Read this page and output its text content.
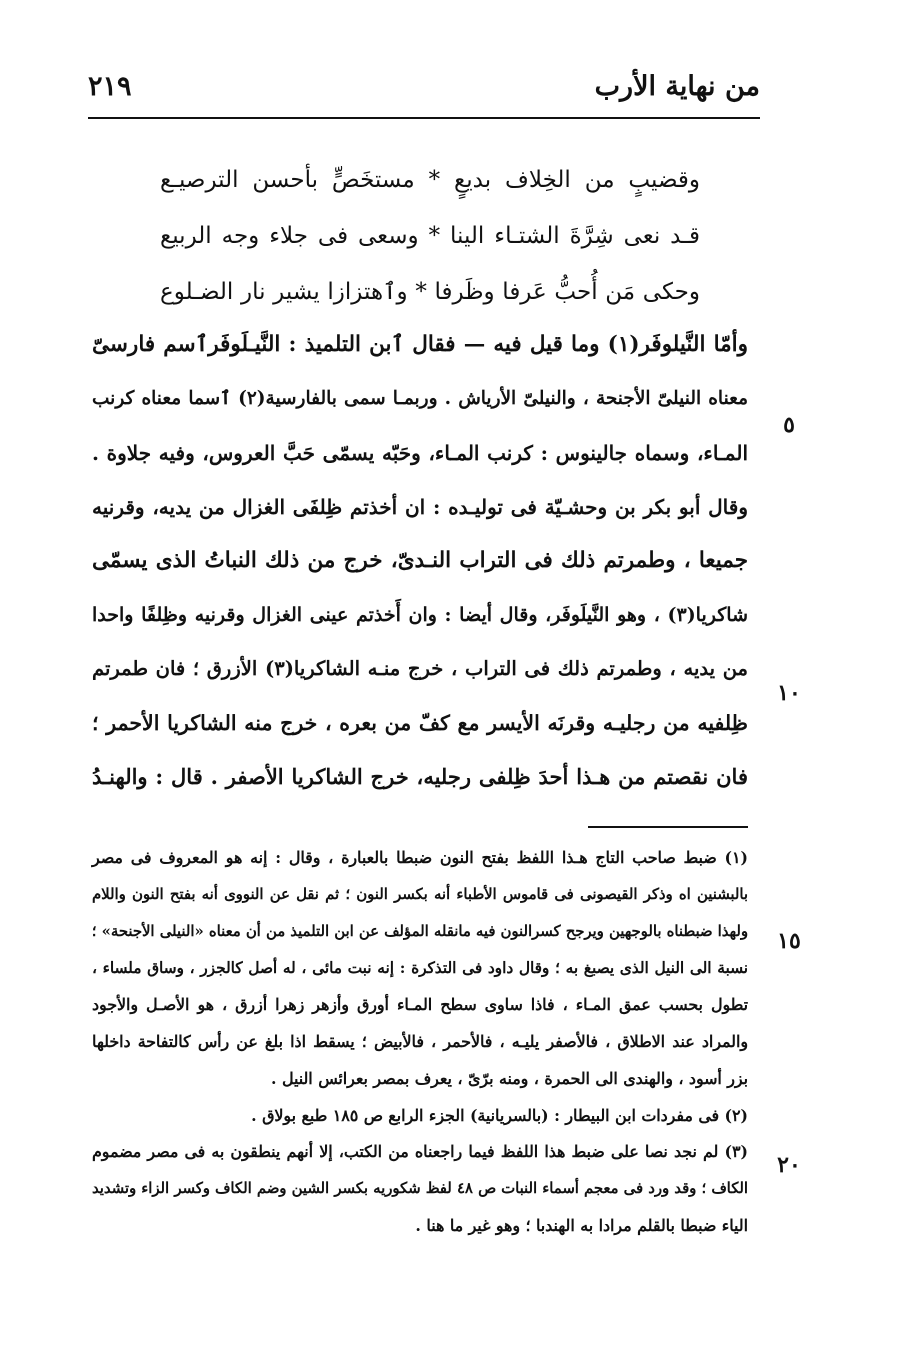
من نهاية الأرب
٢١٩
وقضيبٍ من الخِلاف بديعٍ * مستخَصٍّ بأحسن الترصيـع
قـد نعى شِرَّةَ الشتـاء الينا * وسعى فى جلاء وجه الربيع
وحكى مَن أُحبُّ عَرفا وظَرفا * وٱهتزازا يشير نار الضـلوع
وأمّا النَّيلوفَر(١) وما قيل فيه — فقال ٱبن التلميذ : النَّيـلَوفَرٱسم فارسىّ
معناه النيلىّ الأجنحة ، والنيلىّ الأرياش . وربمـا سمى بالفارسية(٢) ٱسما معناه كرنب
المـاء، وسماه جالينوس : كرنب المـاء، وحَبّه يسمّى حَبَّ العروس، وفيه جلاوة .
وقال أبو بكر بن وحشـيّة فى توليـده : ان أخذتم ظِلفَى الغزال من يديه، وقرنيه
جميعا ، وطمرتم ذلك فى التراب النـدىّ، خرج من ذلك النباتُ الذى يسمّى
شاكريا(٣) ، وهو النَّيلَوفَر، وقال أيضا : وان أَخذتم عينى الغزال وقرنيه وظِلفًا واحدا
من يديه ، وطمرتم ذلك فى التراب ، خرج منـه الشاكريا(٣) الأزرق ؛ فان طمرتم
ظِلفيه من رجليـه وقرنَه الأيسر مع كفّ من بعره ، خرج منه الشاكريا الأحمر ؛
فان نقصتم من هـذا أحدَ ظِلفى رجليه، خرج الشاكريا الأصفر . قال : والهنـدُ
(١) ضبط صاحب التاج هـذا اللفظ بفتح النون ضبطا بالعبارة ، وقال : إنه هو المعروف فى مصر
بالبشنين اه وذكر القيصونى فى قاموس الأطباء أنه بكسر النون ؛ ثم نقل عن النووى أنه بفتح النون واللام
ولهذا ضبطناه بالوجهين ويرجح كسرالنون فيه مانقله المؤلف عن ابن التلميذ من أن معناه «النيلى الأجنحة» ؛
نسبة الى النيل الذى يصبغ به ؛ وقال داود فى التذكرة : إنه نبت مائى ، له أصل كالجزر ، وساق ملساء ،
تطول بحسب عمق المـاء ، فاذا ساوى سطح المـاء أورق وأزهر زهرا أزرق ، هو الأصـل والأجود
والمراد عند الاطلاق ، فالأصفر يليـه ، فالأحمر ، فالأبيض ؛ يسقط اذا بلغ عن رأس كالتفاحة داخلها
بزر أسود ، والهندى الى الحمرة ، ومنه برّىّ ، يعرف بمصر بعرائس النيل .
(٢) فى مفردات ابن البيطار : (بالسريانية) الجزء الرابع ص ١٨٥ طبع بولاق .
(٣) لم نجد نصا على ضبط هذا اللفظ فيما راجعناه من الكتب، إلا أنهم ينطقون به فى مصر مضموم
الكاف ؛ وقد ورد فى معجم أسماء النبات ص ٤٨ لفظ شكوريه بكسر الشين وضم الكاف وكسر الزاء وتشديد
الياء ضبطا بالقلم مرادا به الهندبا ؛ وهو غير ما هنا .
٥
١٠
١٥
٢٠
